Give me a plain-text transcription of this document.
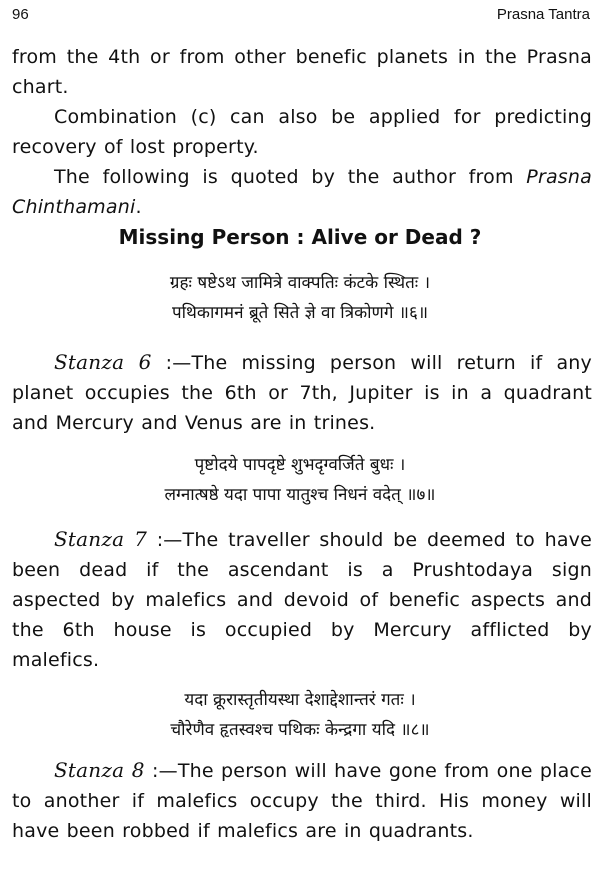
96	Prasna Tantra

from the 4th or from other benefic planets in the Prasna chart.

Combination (c) can also be applied for predicting recovery of lost property.

The following is quoted by the author from Prasna Chinthamani.

Missing Person : Alive or Dead ?
ग्रहः षष्टेऽथ जामित्रे वाक्पतिः कंटके स्थितः ।
पथिकागमनं ब्रूते सिते ज्ञे वा त्रिकोणगे ॥६॥

Stanza 6 :—The missing person will return if any planet occupies the 6th or 7th, Jupiter is in a quadrant and Mercury and Venus are in trines.

पृष्टोदये पापदृष्टे शुभदृग्वर्जिते बुधः ।
लग्नात्षष्ठे यदा पापा यातुश्च निधनं वदेत् ॥७॥

Stanza 7 :—The traveller should be deemed to have been dead if the ascendant is a Prushtodaya sign aspected by malefics and devoid of benefic aspects and the 6th house is occupied by Mercury afflicted by malefics.

यदा क्रूरास्तृतीयस्था देशाद्देशान्तरं गतः ।
चौरेणैव हृतस्वश्च पथिकः केन्द्रगा यदि ॥८॥

Stanza 8 :—The person will have gone from one place to another if malefics occupy the third. His money will have been robbed if malefics are in quadrants.
